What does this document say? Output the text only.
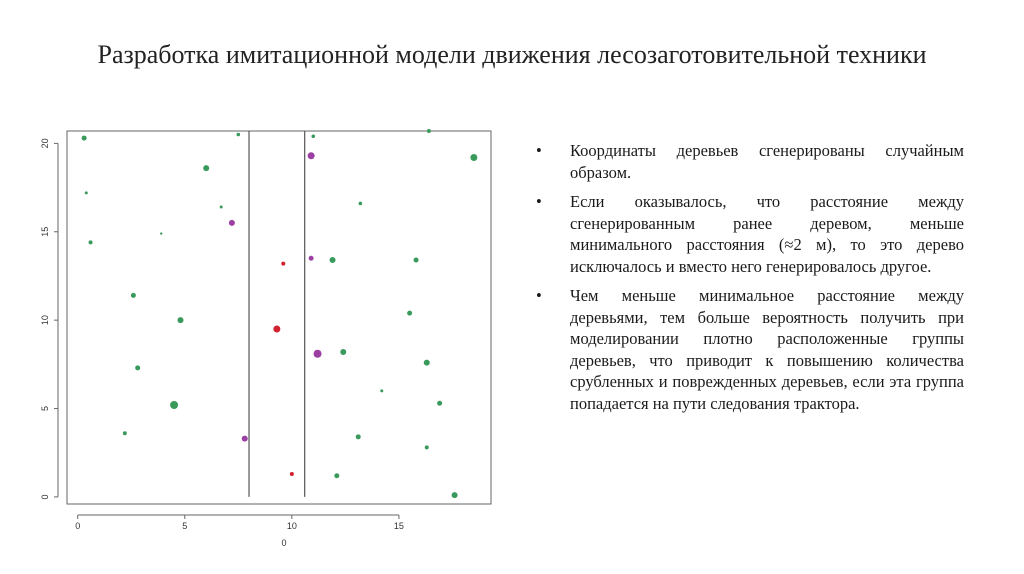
Разработка имитационной модели движения лесозаготовительной техники
0	5	10	15
0
5
10
15
20
0
• Координаты деревьев сгенерированы случайным образом.
• Если оказывалось, что расстояние между сгенерированным ранее деревом, меньше минимального расстояния (≈2 м), то это дерево исключалось и вместо него генерировалось другое.
• Чем меньше минимальное расстояние между деревьями, тем больше вероятность получить при моделировании плотно расположенные группы деревьев, что приводит к повышению количества срубленных и поврежденных деревьев, если эта группа попадается на пути следования трактора.
